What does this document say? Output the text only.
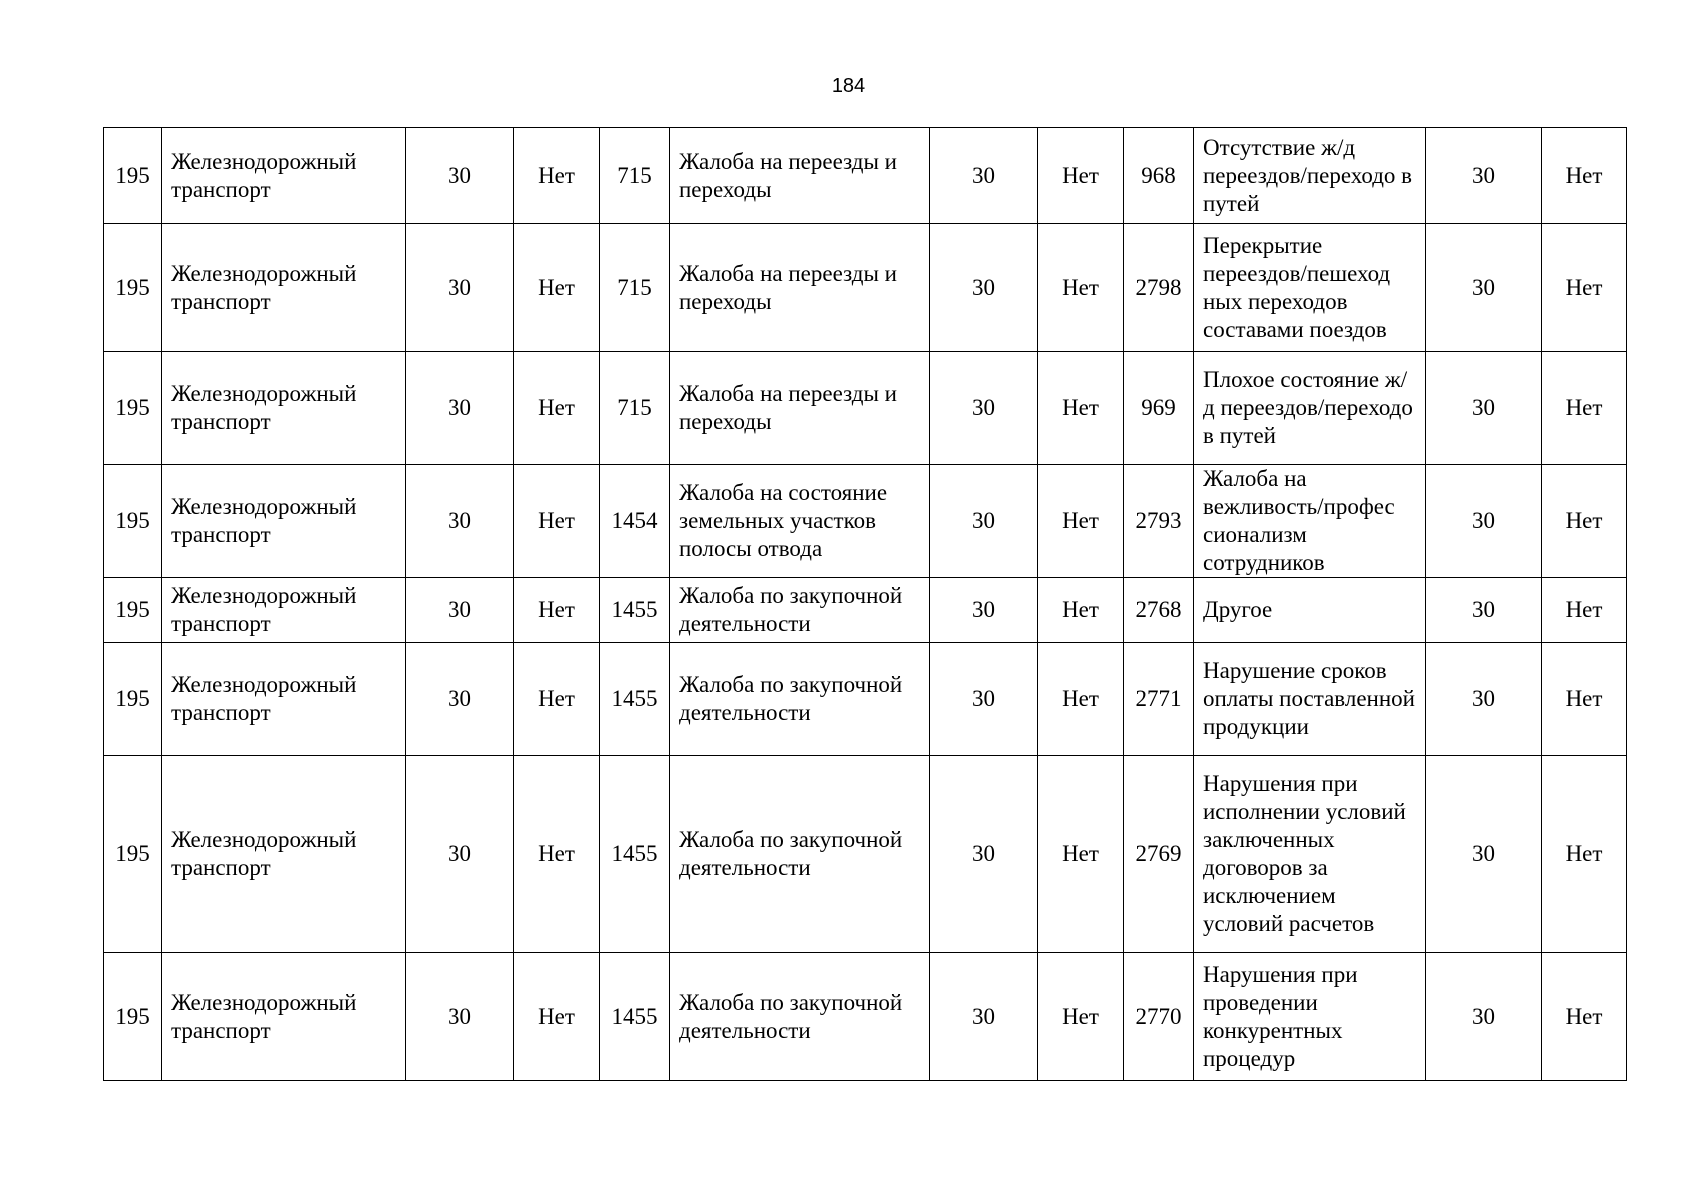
184
195	Железнодорожный транспорт	30	Нет	715	Жалоба на переезды и переходы	30	Нет	968	Отсутствие ж/д переездов/переходо в путей	30	Нет
195	Железнодорожный транспорт	30	Нет	715	Жалоба на переезды и переходы	30	Нет	2798	Перекрытие переездов/пешеход ных переходов составами поездов	30	Нет
195	Железнодорожный транспорт	30	Нет	715	Жалоба на переезды и переходы	30	Нет	969	Плохое состояние ж/д переездов/переходо в путей	30	Нет
195	Железнодорожный транспорт	30	Нет	1454	Жалоба на состояние земельных участков полосы отвода	30	Нет	2793	Жалоба на вежливость/профес сионализм сотрудников	30	Нет
195	Железнодорожный транспорт	30	Нет	1455	Жалоба по закупочной деятельности	30	Нет	2768	Другое	30	Нет
195	Железнодорожный транспорт	30	Нет	1455	Жалоба по закупочной деятельности	30	Нет	2771	Нарушение сроков оплаты поставленной продукции	30	Нет
195	Железнодорожный транспорт	30	Нет	1455	Жалоба по закупочной деятельности	30	Нет	2769	Нарушения при исполнении условий заключенных договоров за исключением условий расчетов	30	Нет
195	Железнодорожный транспорт	30	Нет	1455	Жалоба по закупочной деятельности	30	Нет	2770	Нарушения при проведении конкурентных процедур	30	Нет
